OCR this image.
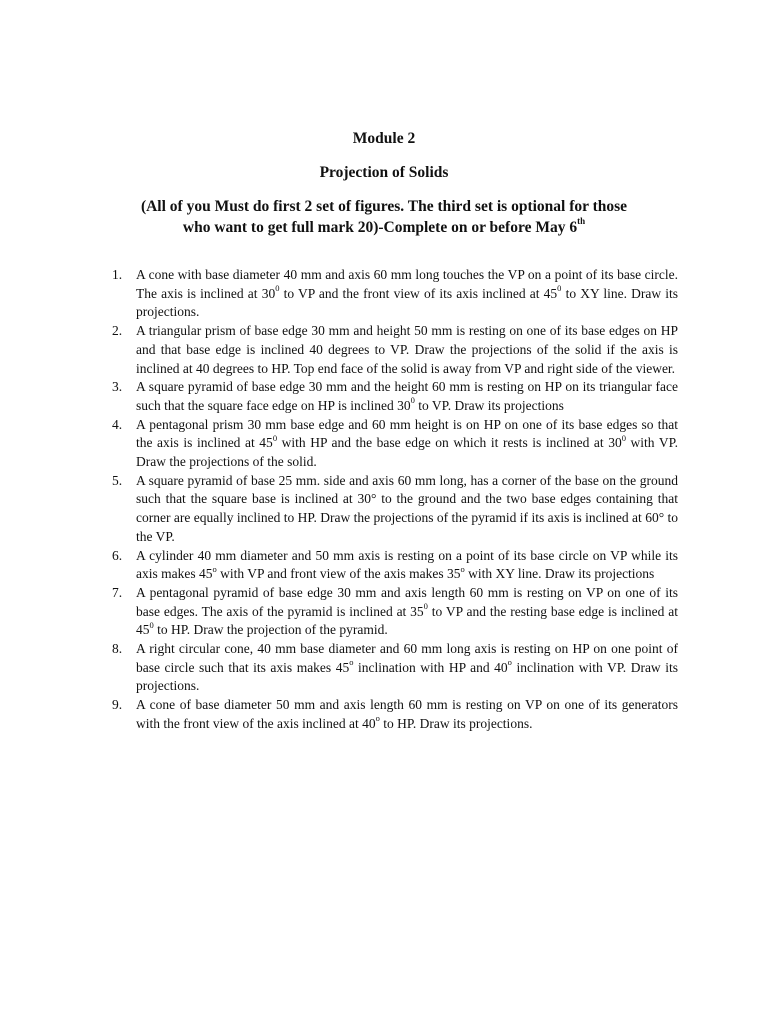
Module 2
Projection of Solids
(All of you Must do first 2 set of figures. The third set is optional for those
who want to get full mark 20)-Complete on or before May 6th
1. A cone with base diameter 40 mm and axis 60 mm long touches the VP on a point of its base circle. The axis is inclined at $30^0$ to VP and the front view of its axis inclined at $45^0$ to XY line. Draw its projections.
2. A triangular prism of base edge 30 mm and height 50 mm is resting on one of its base edges on HP and that base edge is inclined 40 degrees to VP. Draw the projections of the solid if the axis is inclined at 40 degrees to HP. Top end face of the solid is away from VP and right side of the viewer.
3. A square pyramid of base edge 30 mm and the height 60 mm is resting on HP on its triangular face such that the square face edge on HP is inclined $30^0$ to VP. Draw its projections
4. A pentagonal prism 30 mm base edge and 60 mm height is on HP on one of its base edges so that the axis is inclined at $45^0$ with HP and the base edge on which it rests is inclined at $30^0$ with VP. Draw the projections of the solid.
5. A square pyramid of base 25 mm. side and axis 60 mm long, has a corner of the base on the ground such that the square base is inclined at 30° to the ground and the two base edges containing that corner are equally inclined to HP. Draw the projections of the pyramid if its axis is inclined at 60° to the VP.
6. A cylinder 40 mm diameter and 50 mm axis is resting on a point of its base circle on VP while its axis makes 45$^o$ with VP and front view of the axis makes 35$^o$ with XY line. Draw its projections
7. A pentagonal pyramid of base edge 30 mm and axis length 60 mm is resting on VP on one of its base edges. The axis of the pyramid is inclined at $35^0$ to VP and the resting base edge is inclined at $45^0$ to HP. Draw the projection of the pyramid.
8. A right circular cone, 40 mm base diameter and 60 mm long axis is resting on HP on one point of base circle such that its axis makes 45$^o$ inclination with HP and 40$^o$ inclination with VP. Draw its projections.
9. A cone of base diameter 50 mm and axis length 60 mm is resting on VP on one of its generators with the front view of the axis inclined at 40$^o$ to HP. Draw its projections.
